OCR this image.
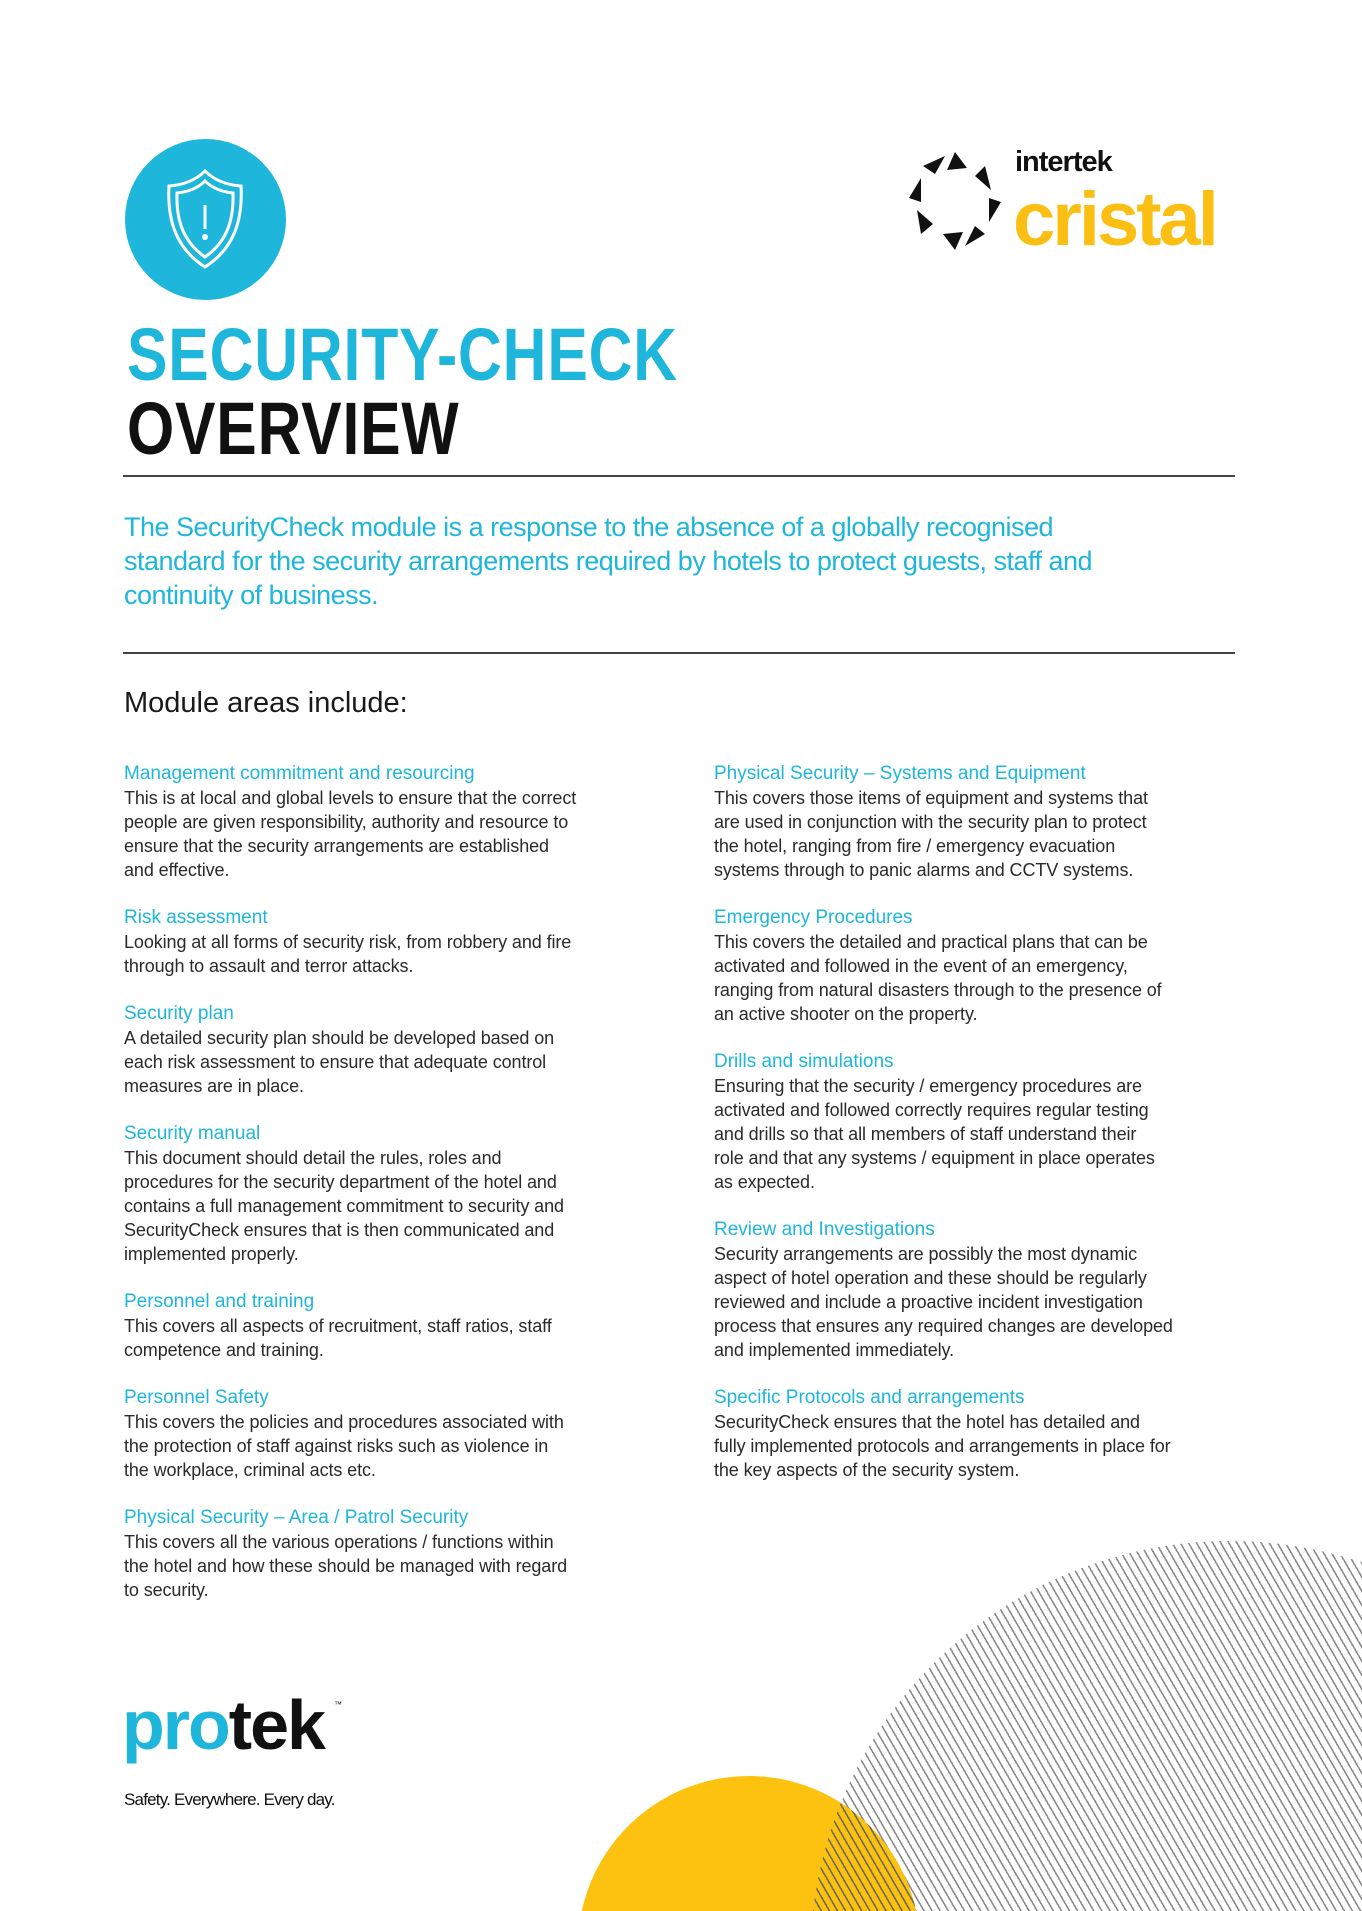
intertek
cristal
SECURITY-CHECK
OVERVIEW
The SecurityCheck module is a response to the absence of a globally recognised
standard for the security arrangements required by hotels to protect guests, staff and
continuity of business.
Module areas include:
Management commitment and resourcing
This is at local and global levels to ensure that the correct
people are given responsibility, authority and resource to
ensure that the security arrangements are established
and effective.
Risk assessment
Looking at all forms of security risk, from robbery and fire
through to assault and terror attacks.
Security plan
A detailed security plan should be developed based on
each risk assessment to ensure that adequate control
measures are in place.
Security manual
This document should detail the rules, roles and
procedures for the security department of the hotel and
contains a full management commitment to security and
SecurityCheck ensures that is then communicated and
implemented properly.
Personnel and training
This covers all aspects of recruitment, staff ratios, staff
competence and training.
Personnel Safety
This covers the policies and procedures associated with
the protection of staff against risks such as violence in
the workplace, criminal acts etc.
Physical Security – Area / Patrol Security
This covers all the various operations / functions within
the hotel and how these should be managed with regard
to security.
Physical Security – Systems and Equipment
This covers those items of equipment and systems that
are used in conjunction with the security plan to protect
the hotel, ranging from fire / emergency evacuation
systems through to panic alarms and CCTV systems.
Emergency Procedures
This covers the detailed and practical plans that can be
activated and followed in the event of an emergency,
ranging from natural disasters through to the presence of
an active shooter on the property.
Drills and simulations
Ensuring that the security / emergency procedures are
activated and followed correctly requires regular testing
and drills so that all members of staff understand their
role and that any systems / equipment in place operates
as expected.
Review and Investigations
Security arrangements are possibly the most dynamic
aspect of hotel operation and these should be regularly
reviewed and include a proactive incident investigation
process that ensures any required changes are developed
and implemented immediately.
Specific Protocols and arrangements
SecurityCheck ensures that the hotel has detailed and
fully implemented protocols and arrangements in place for
the key aspects of the security system.
protek ™
Safety. Everywhere. Every day.
